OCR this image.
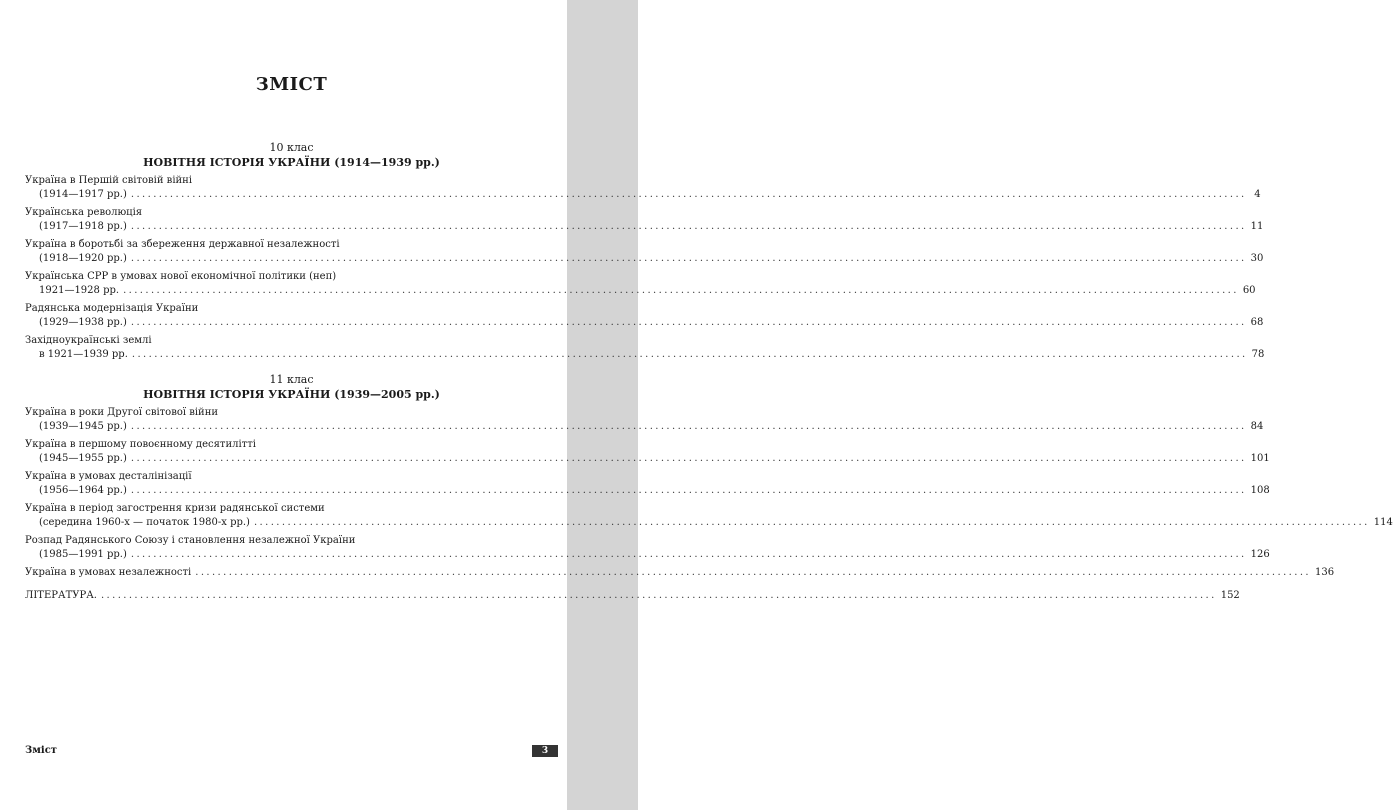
ЗМІСТ
10 клас
НОВІТНЯ ІСТОРІЯ УКРАЇНИ (1914—1939 рр.)
Україна в Першій світовій війні
(1914—1917 рр.) ........................................................................................................................................................................................................ 4
Українська революція
(1917—1918 рр.) ........................................................................................................................................................................................................ 11
Україна в боротьбі за збереження державної незалежності
(1918—1920 рр.) ........................................................................................................................................................................................................ 30
Українська СРР в умовах нової економічної політики (неп)
1921—1928 рр. ........................................................................................................................................................................................................ 60
Радянська модернізація України
(1929—1938 рр.) ........................................................................................................................................................................................................ 68
Західноукраїнські землі
в 1921—1939 рр. ........................................................................................................................................................................................................ 78
11 клас
НОВІТНЯ ІСТОРІЯ УКРАЇНИ (1939—2005 рр.)
Україна в роки Другої світової війни
(1939—1945 рр.) ........................................................................................................................................................................................................ 84
Україна в першому повоєнному десятилітті
(1945—1955 рр.) ........................................................................................................................................................................................................ 101
Україна в умовах десталінізації
(1956—1964 рр.) ........................................................................................................................................................................................................ 108
Україна в період загострення кризи радянської системи
(середина 1960-х — початок 1980-х рр.) ........................................................................................................................................................................................................ 114
Розпад Радянського Союзу і становлення незалежної України
(1985—1991 рр.) ........................................................................................................................................................................................................ 126
Україна в умовах незалежності ........................................................................................................................................................................................................ 136
ЛІТЕРАТУРА. ........................................................................................................................................................................................................ 152
Зміст	3
